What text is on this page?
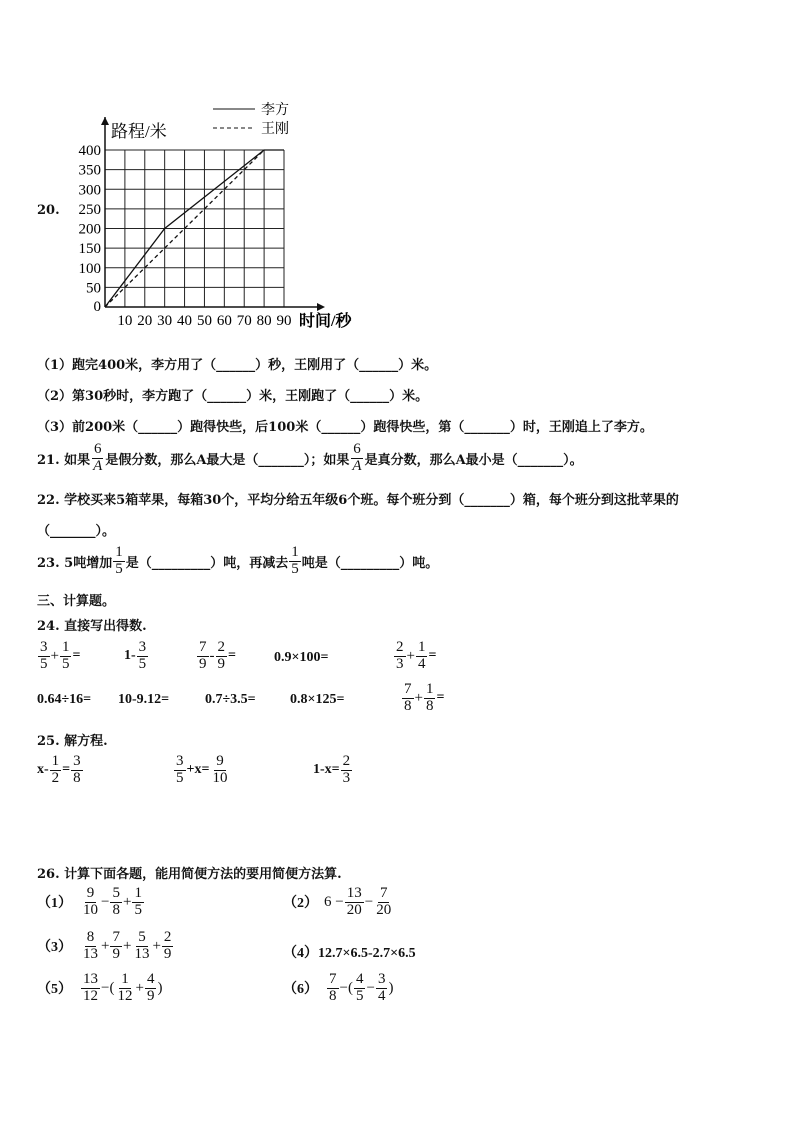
20.
0
50
100
150
200
250
300
350
400
10 20 30 40 50 60 70 80 90
路程/米
时间/秒
李方
王刚
（1）跑完400米，李方用了（______）秒，王刚用了（______）米。
（2）第30秒时，李方跑了（______）米，王刚跑了（______）米。
（3）前200米（______）跑得快些，后100米（______）跑得快些，第（_______）时，王刚追上了李方。
21. 如果
6
A 是假分数，那么A最大是（_______）；如果
6
A 是真分数，那么A最小是（_______）。
22. 学校买来5箱苹果，每箱30个，平均分给五年级6个班。每个班分到（_______）箱，每个班分到这批苹果的
（_______）。
23. 5吨增加
1
5 是（_________）吨，再减去
1
5 吨是（_________）吨。
三、计算题。
24. 直接写出得数.
3
$5 + \frac{1}{5}$ =	1-
3
5
7
$9 - \frac{2}{9}$ =	0.9×100=
2
$3 + \frac{1}{4}$ =
0.64÷16= 10-9.12=	0.7÷3.5= 0.8×125=
7
$8 + \frac{1}{8}$ =
25. 解方程.
$x- \frac{1}{2} = \frac{3}{8}$	3
$5 +x= \frac{9}{10}$	$1-x= \frac{2}{3}$
26. 计算下面各题，能用简便方法的要用简便方法算.
（1）
9
$10 - \frac{5}{8} + \frac{1}{5}$	（2） $6 - \frac{13}{20} - \frac{7}{20}$
（3）
8
$13 + \frac{7}{9} + \frac{5}{13} + \frac{2}{9}$	（4）12.7×6.5-2.7×6.5
（5）
13
12 −(
1
$12 + \frac{4}{9}$ )	（6）
7
8 −(
4
$5 - \frac{3}{4}$ )
